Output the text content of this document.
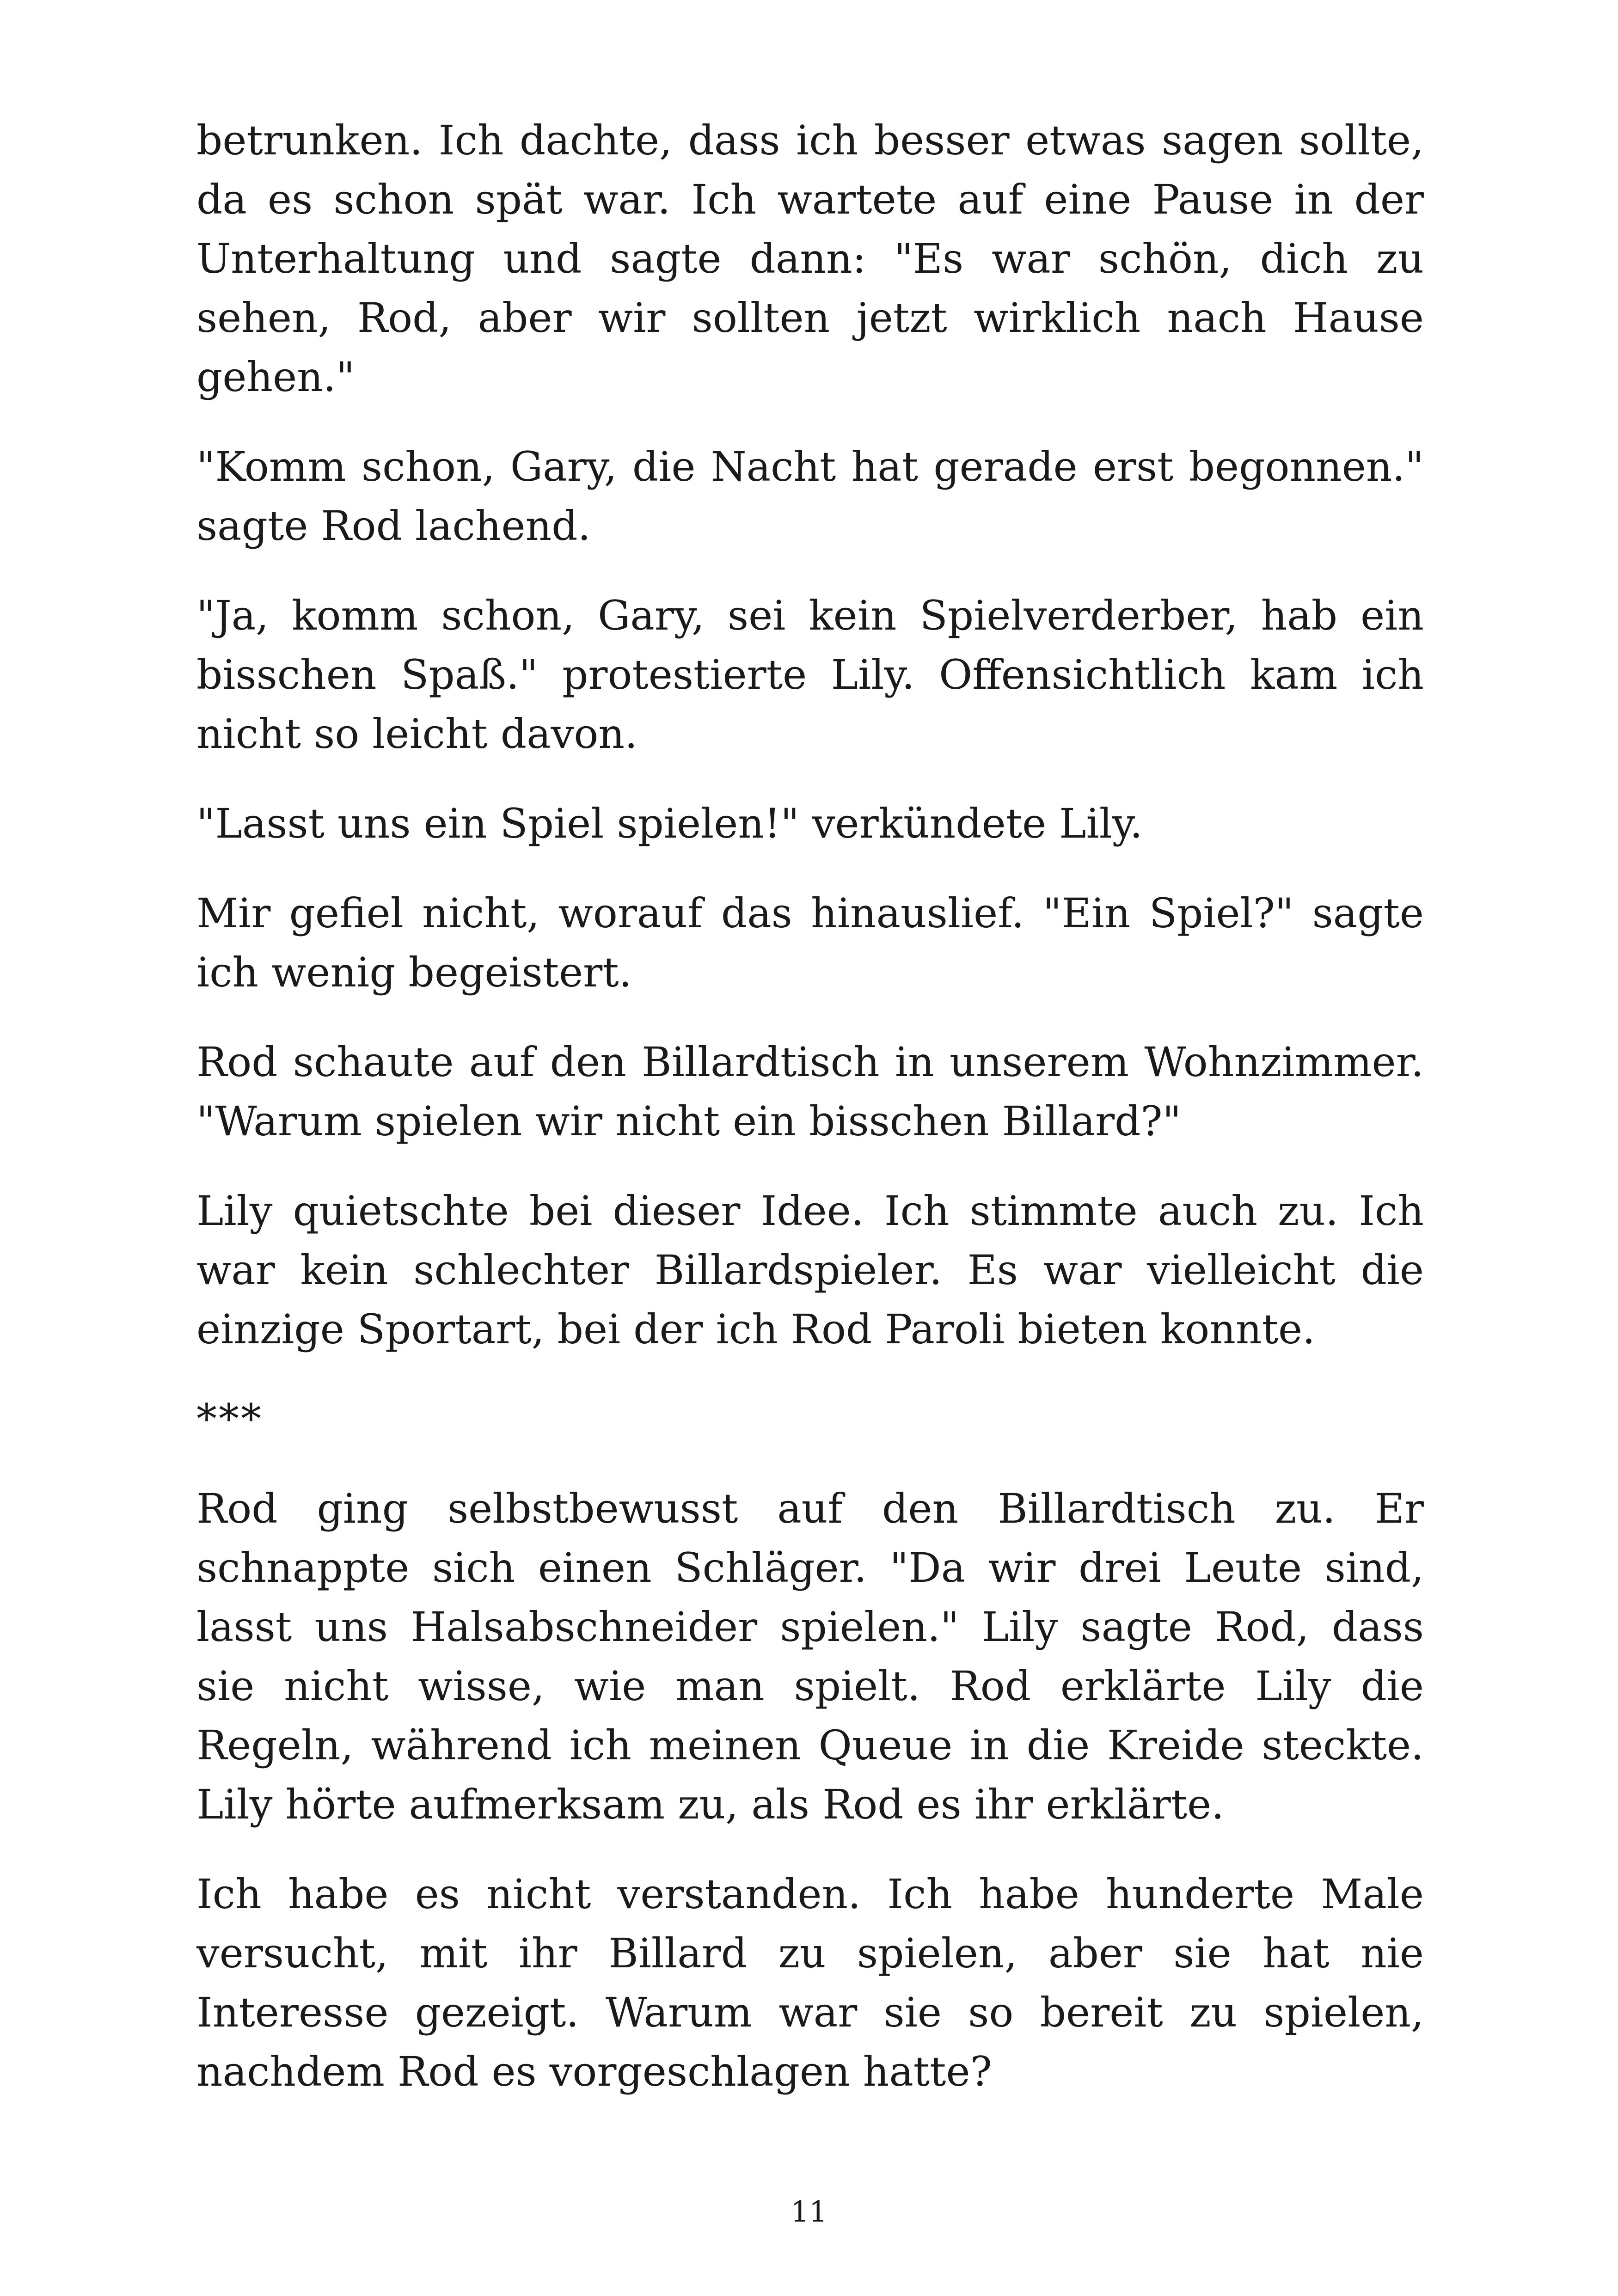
betrunken. Ich dachte, dass ich besser etwas sagen sollte, da es schon spät war. Ich wartete auf eine Pause in der Unterhaltung und sagte dann: "Es war schön, dich zu sehen, Rod, aber wir sollten jetzt wirklich nach Hause gehen."

"Komm schon, Gary, die Nacht hat gerade erst begonnen." sagte Rod lachend.

"Ja, komm schon, Gary, sei kein Spielverderber, hab ein bisschen Spaß." protestierte Lily. Offensichtlich kam ich nicht so leicht davon.

"Lasst uns ein Spiel spielen!" verkündete Lily.

Mir gefiel nicht, worauf das hinauslief. "Ein Spiel?" sagte ich wenig begeistert.

Rod schaute auf den Billardtisch in unserem Wohnzimmer. "Warum spielen wir nicht ein bisschen Billard?"

Lily quietschte bei dieser Idee. Ich stimmte auch zu. Ich war kein schlechter Billardspieler. Es war vielleicht die einzige Sportart, bei der ich Rod Paroli bieten konnte.

***

Rod ging selbstbewusst auf den Billardtisch zu. Er schnappte sich einen Schläger. "Da wir drei Leute sind, lasst uns Halsabschneider spielen." Lily sagte Rod, dass sie nicht wisse, wie man spielt. Rod erklärte Lily die Regeln, während ich meinen Queue in die Kreide steckte. Lily hörte aufmerksam zu, als Rod es ihr erklärte.

Ich habe es nicht verstanden. Ich habe hunderte Male versucht, mit ihr Billard zu spielen, aber sie hat nie Interesse gezeigt. Warum war sie so bereit zu spielen, nachdem Rod es vorgeschlagen hatte?

11
